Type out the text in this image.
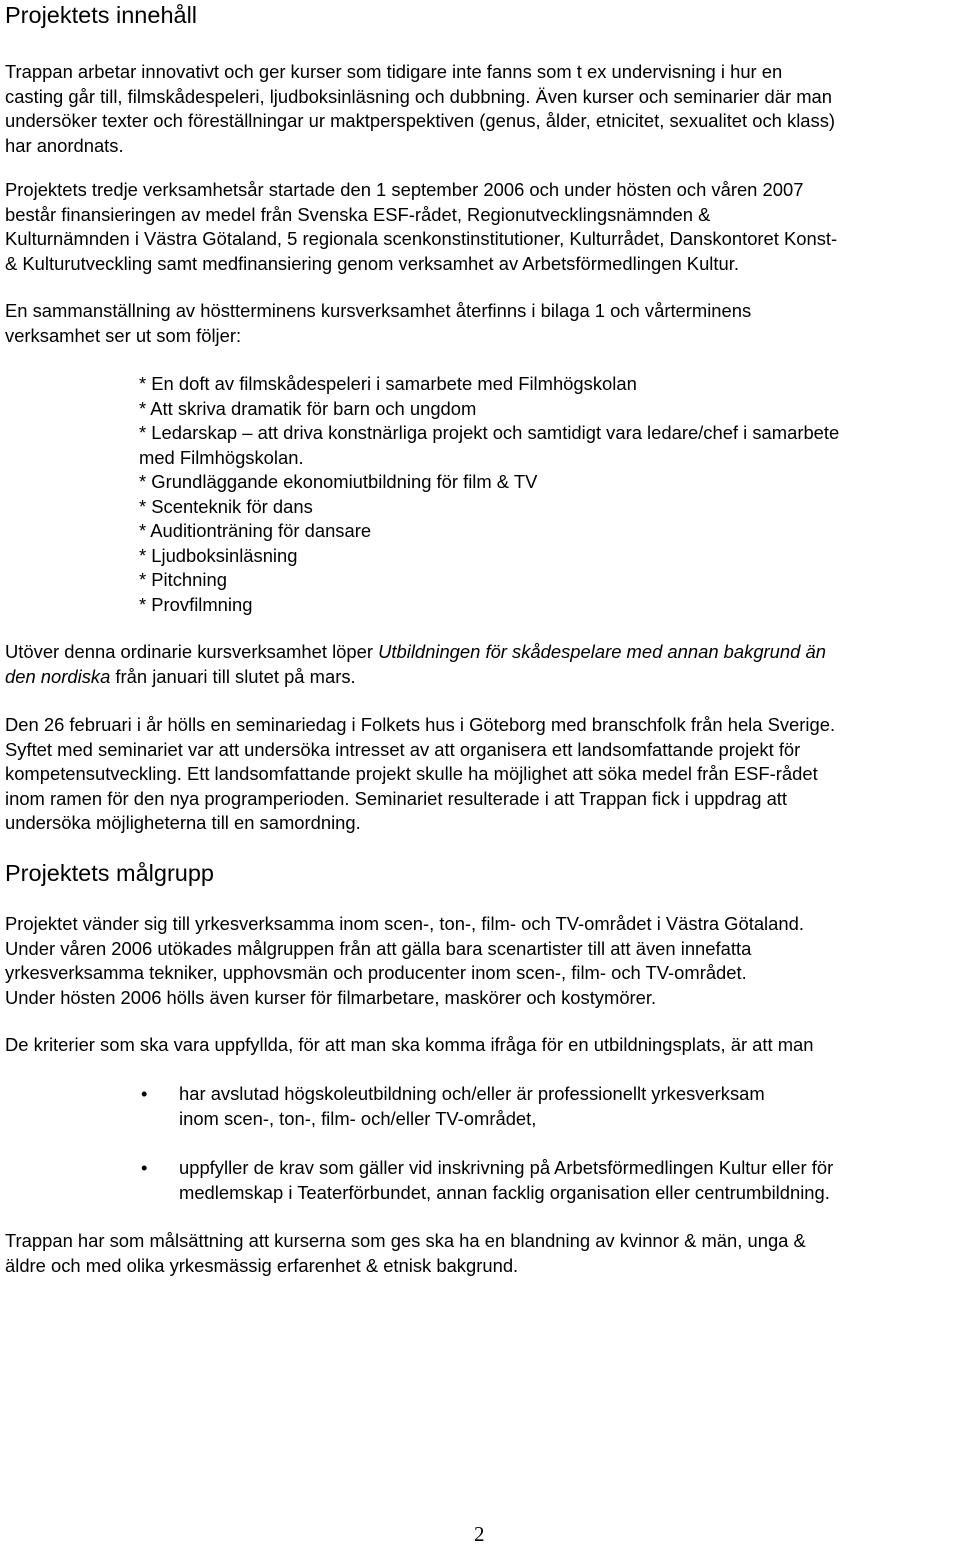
Projektets innehåll

Trappan arbetar innovativt och ger kurser som tidigare inte fanns som t ex undervisning i hur en
casting går till, filmskådespeleri, ljudboksinläsning och dubbning. Även kurser och seminarier där man
undersöker texter och föreställningar ur maktperspektiven (genus, ålder, etnicitet, sexualitet och klass)
har anordnats.

Projektets tredje verksamhetsår startade den 1 september 2006 och under hösten och våren 2007
består finansieringen av medel från Svenska ESF-rådet, Regionutvecklingsnämnden &
Kulturnämnden i Västra Götaland, 5 regionala scenkonstinstitutioner, Kulturrådet, Danskontoret Konst-
& Kulturutveckling samt medfinansiering genom verksamhet av Arbetsförmedlingen Kultur.

En sammanställning av höstterminens kursverksamhet återfinns i bilaga 1 och vårterminens
verksamhet ser ut som följer:

* En doft av filmskådespeleri i samarbete med Filmhögskolan
* Att skriva dramatik för barn och ungdom
* Ledarskap – att driva konstnärliga projekt och samtidigt vara ledare/chef i samarbete
med Filmhögskolan.
* Grundläggande ekonomiutbildning för film & TV
* Scenteknik för dans
* Auditionträning för dansare
* Ljudboksinläsning
* Pitchning
* Provfilmning

Utöver denna ordinarie kursverksamhet löper Utbildningen för skådespelare med annan bakgrund än
den nordiska från januari till slutet på mars.

Den 26 februari i år hölls en seminariedag i Folkets hus i Göteborg med branschfolk från hela Sverige.
Syftet med seminariet var att undersöka intresset av att organisera ett landsomfattande projekt för
kompetensutveckling. Ett landsomfattande projekt skulle ha möjlighet att söka medel från ESF-rådet
inom ramen för den nya programperioden. Seminariet resulterade i att Trappan fick i uppdrag att
undersöka möjligheterna till en samordning.

Projektets målgrupp

Projektet vänder sig till yrkesverksamma inom scen-, ton-, film- och TV-området i Västra Götaland.
Under våren 2006 utökades målgruppen från att gälla bara scenartister till att även innefatta
yrkesverksamma tekniker, upphovsmän och producenter inom scen-, film- och TV-området.
Under hösten 2006 hölls även kurser för filmarbetare, maskörer och kostymörer.

De kriterier som ska vara uppfyllda, för att man ska komma ifråga för en utbildningsplats, är att man

• har avslutad högskoleutbildning och/eller är professionellt yrkesverksam
inom scen-, ton-, film- och/eller TV-området,
• uppfyller de krav som gäller vid inskrivning på Arbetsförmedlingen Kultur eller för
medlemskap i Teaterförbundet, annan facklig organisation eller centrumbildning.

Trappan har som målsättning att kurserna som ges ska ha en blandning av kvinnor & män, unga &
äldre och med olika yrkesmässig erfarenhet & etnisk bakgrund.

2
